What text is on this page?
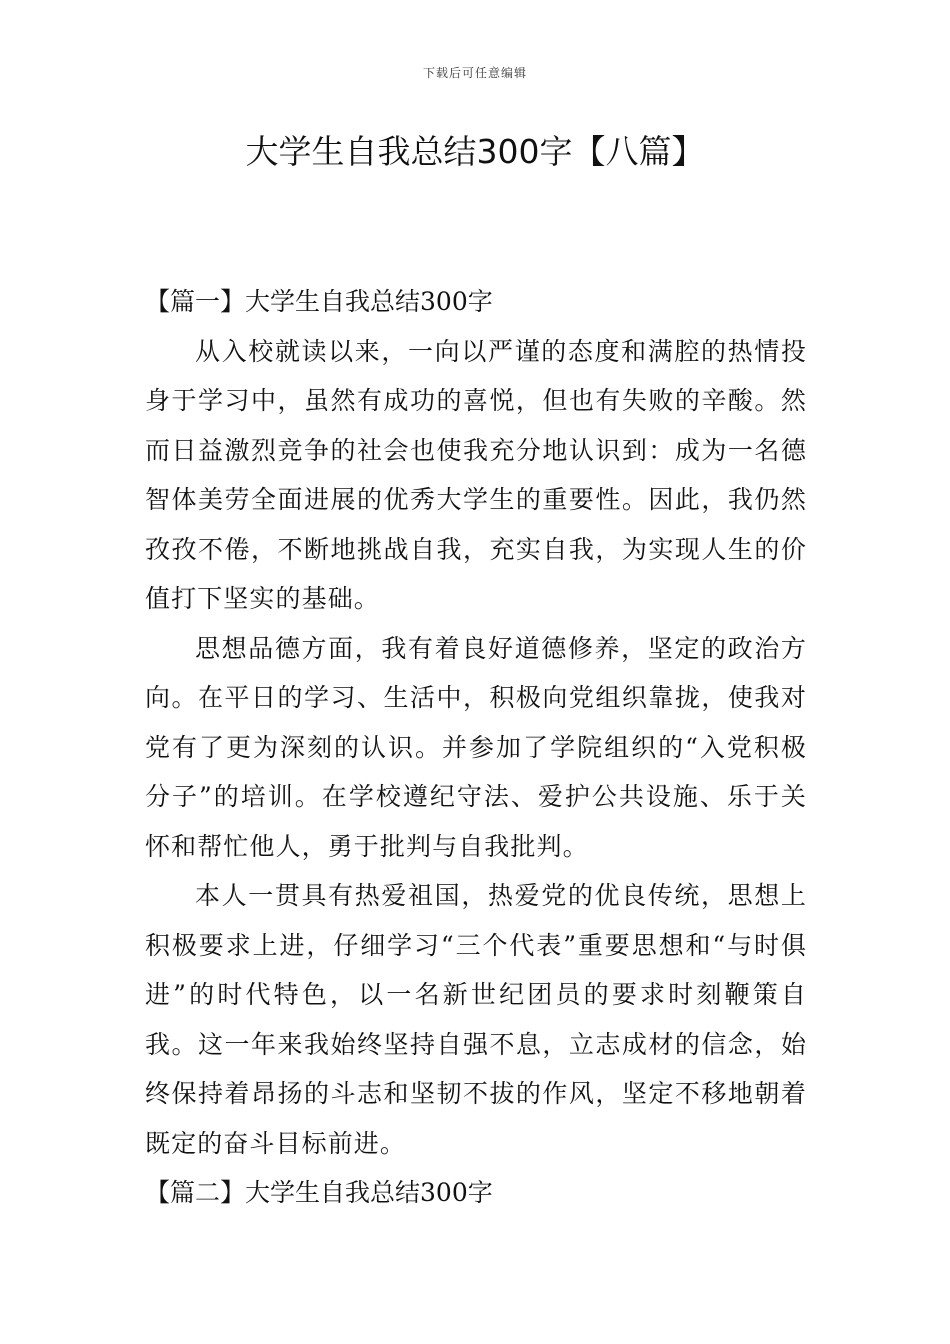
下载后可任意编辑
大学生自我总结300字【八篇】
【篇一】大学生自我总结300字

从入校就读以来，一向以严谨的态度和满腔的热情投身于学习中，虽然有成功的喜悦，但也有失败的辛酸。然而日益激烈竞争的社会也使我充分地认识到：成为一名德智体美劳全面进展的优秀大学生的重要性。因此，我仍然孜孜不倦，不断地挑战自我，充实自我，为实现人生的价值打下坚实的基础。

思想品德方面，我有着良好道德修养，坚定的政治方向。在平日的学习、生活中，积极向党组织靠拢，使我对党有了更为深刻的认识。并参加了学院组织的“入党积极分子”的培训。在学校遵纪守法、爱护公共设施、乐于关怀和帮忙他人，勇于批判与自我批判。

本人一贯具有热爱祖国，热爱党的优良传统，思想上积极要求上进，仔细学习“三个代表”重要思想和“与时俱进”的时代特色，以一名新世纪团员的要求时刻鞭策自我。这一年来我始终坚持自强不息，立志成材的信念，始终保持着昂扬的斗志和坚韧不拔的作风，坚定不移地朝着既定的奋斗目标前进。

【篇二】大学生自我总结300字
